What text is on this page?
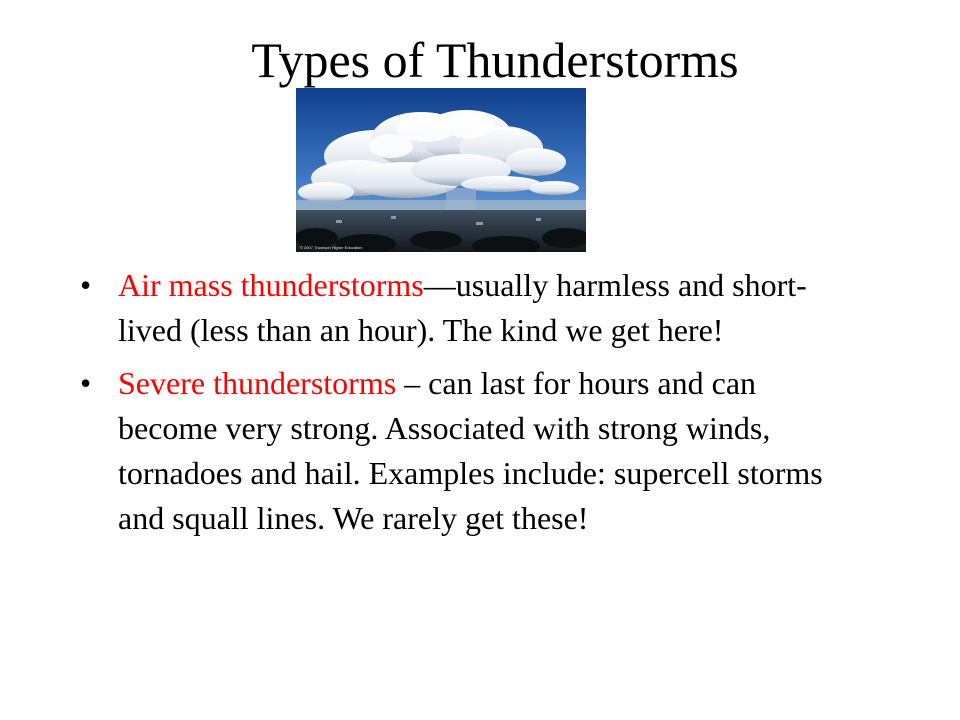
Types of Thunderstorms
© 2007 Thomson Higher Education
• Air mass thunderstorms—usually harmless and short-lived (less than an hour). The kind we get here!
• Severe thunderstorms – can last for hours and can become very strong. Associated with strong winds, tornadoes and hail. Examples include: supercell storms and squall lines. We rarely get these!
